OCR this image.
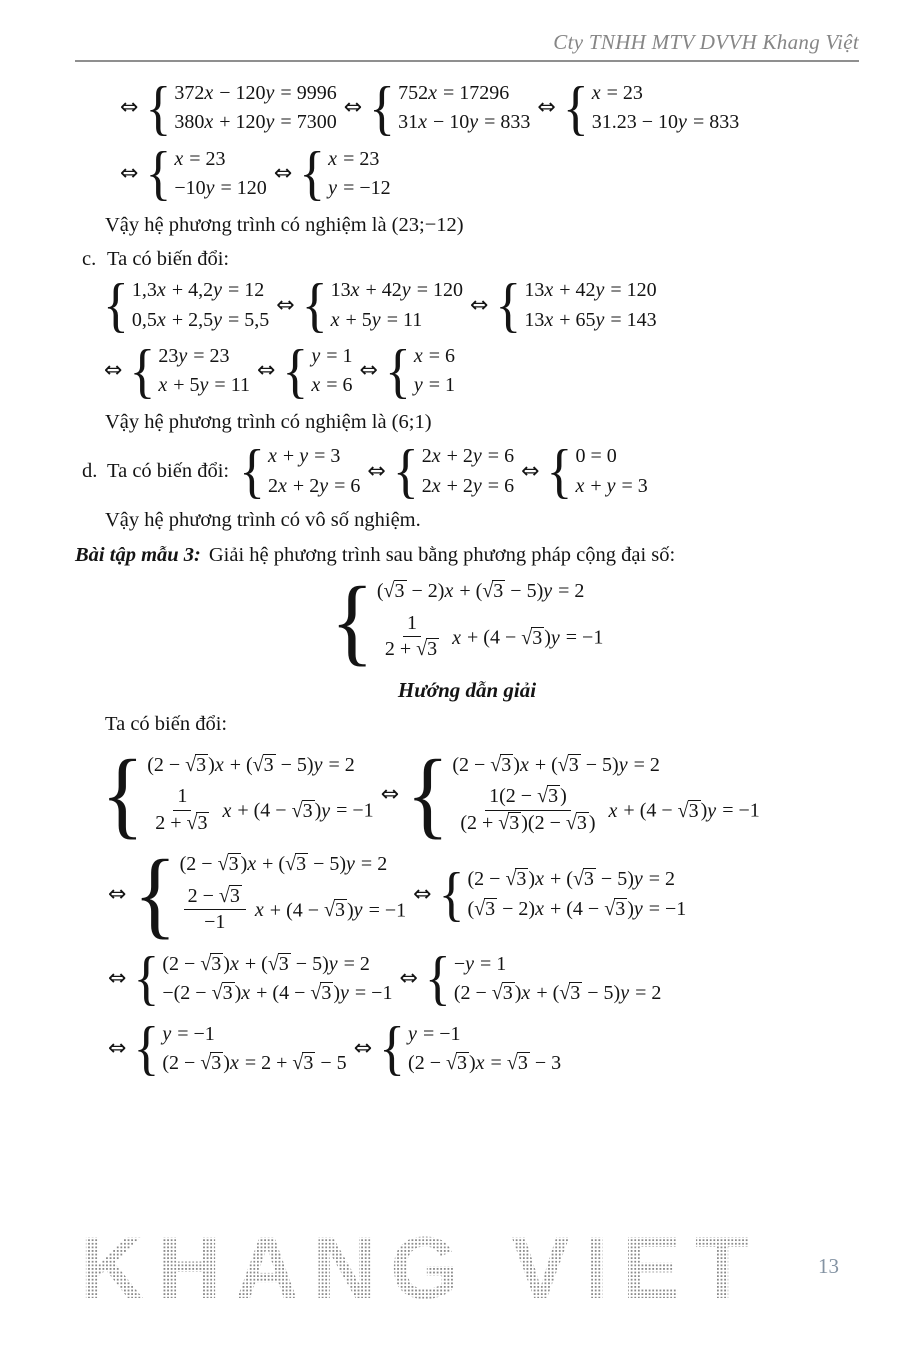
Cty TNHH MTV DVVH Khang Việt
⇔ { 372x − 120y = 9996
380x + 120y = 7300
⇔ { 752x = 17296
31x − 10y = 833
⇔ { x = 23
31.23 − 10y = 833
⇔ { x = 23
−10y = 120
⇔ { x = 23
y = −12

Vậy hệ phương trình có nghiệm là (23;−12)

c. Ta có biến đổi:
{ 1,3x + 4,2y = 12
0,5x + 2,5y = 5,5
⇔ { 13x + 42y = 120
x + 5y = 11
⇔ { 13x + 42y = 120
13x + 65y = 143
⇔ { 23y = 23
x + 5y = 11
⇔ { y = 1
x = 6
⇔ { x = 6
y = 1

Vậy hệ phương trình có nghiệm là (6;1)

d. Ta có biến đổi: { x + y = 3
2x + 2y = 6
⇔ { 2x + 2y = 6
2x + 2y = 6
⇔ { 0 = 0
x + y = 3

Vậy hệ phương trình có vô số nghiệm.

Bài tập mẫu 3: Giải hệ phương trình sau bằng phương pháp cộng đại số:

{ (√3 − 2)x + (√3 − 5)y = 2
$\frac{1}{2 + √3}$ x + (4 − √3 )y = −1

Hướng dẫn giải

Ta có biến đổi:

{ (2 − √3 )x + (√3 − 5)y = 2
$\frac{1}{2 + √3}$ x + (4 − √3 )y = −1
⇔ { (2 − √3 )x + (√3 − 5)y = 2
$\frac{1(2 - √3 )}{(2 + √3 )(2 - √3 )}$ x + (4 − √3 )y = −1
⇔ { (2 − √3 )x + (√3 − 5)y = 2
$\frac{2 - √3}{-1}$ x + (4 − √3 )y = −1
⇔ { (2 − √3 )x + (√3 − 5)y = 2
(√3 − 2)x + (4 − √3 )y = −1
⇔ { (2 − √3 )x + (√3 − 5)y = 2
−(2 − √3 )x + (4 − √3 )y = −1
⇔ { −y = 1
(2 − √3 )x + (√3 − 5)y = 2
⇔ { y = −1
(2 − √3 )x = 2 + √3 − 5
⇔ { y = −1
(2 − √3 )x = √3 − 3
KHANG VIET	13
